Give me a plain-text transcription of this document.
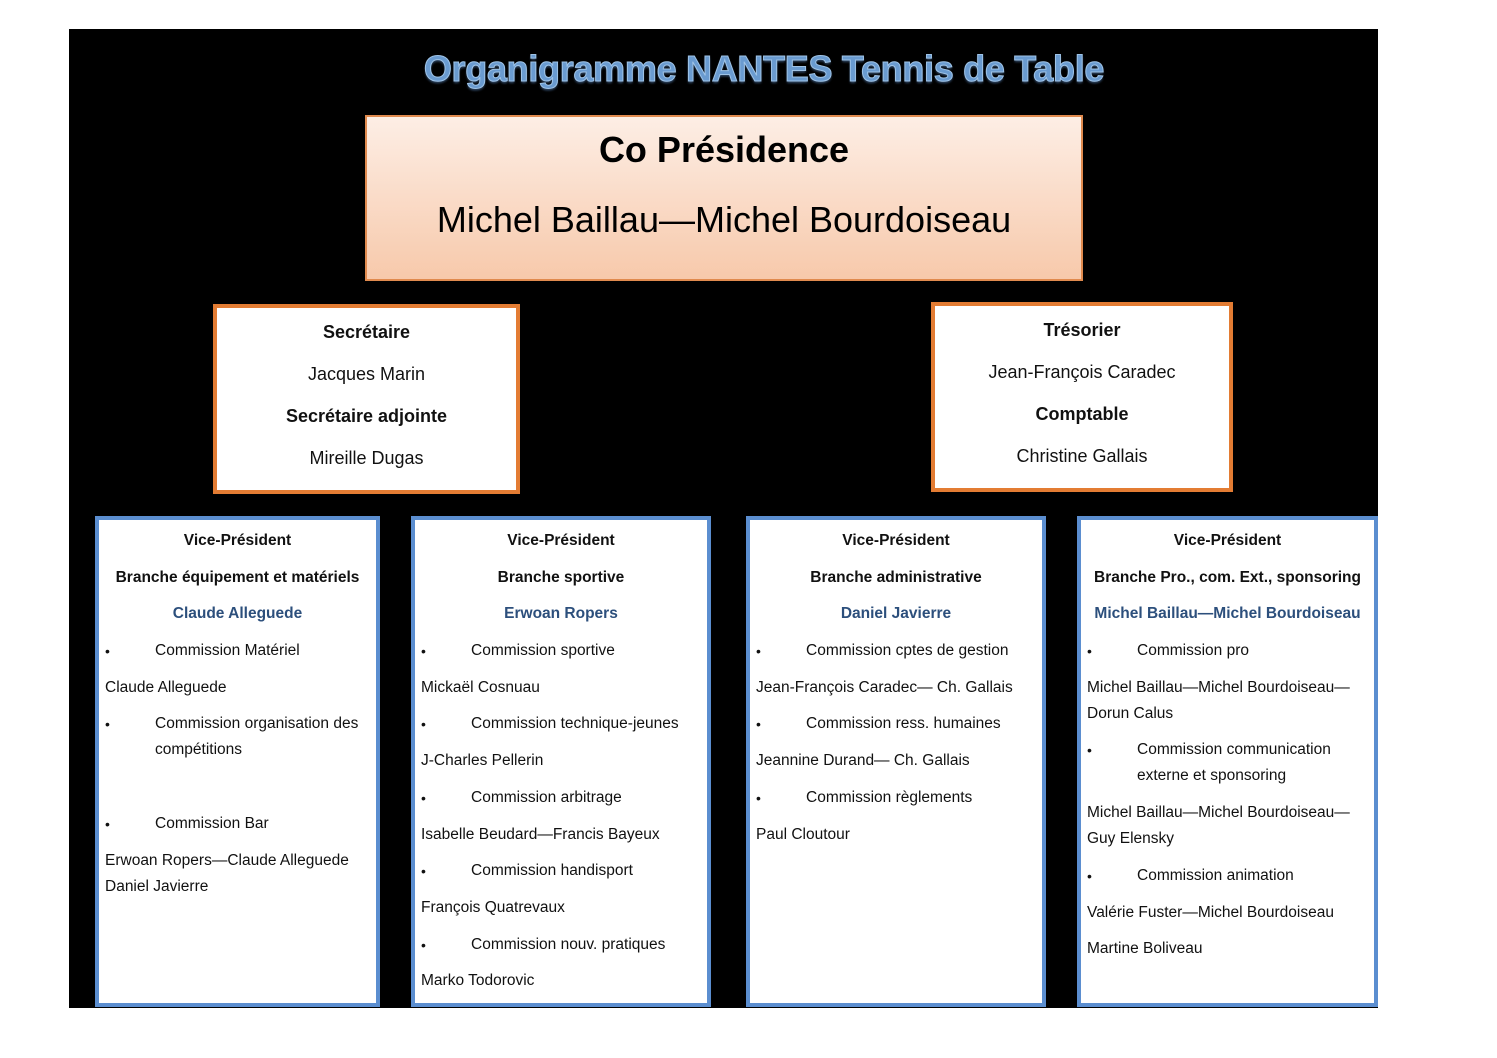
Organigramme NANTES Tennis de Table
Co Présidence
Michel Baillau—Michel Bourdoiseau
Secrétaire
Jacques Marin
Secrétaire adjointe
Mireille Dugas
Trésorier
Jean-François Caradec
Comptable
Christine Gallais
Vice-Président
Branche équipement et matériels
Claude Alleguede
•	Commission Matériel
Claude Alleguede
•	Commission organisation des compétitions
•	Commission Bar
Erwoan Ropers—Claude Alleguede Daniel Javierre
Vice-Président
Branche sportive
Erwoan Ropers
•	Commission sportive
Mickaël Cosnuau
•	Commission technique-jeunes
J-Charles Pellerin
•	Commission arbitrage
Isabelle Beudard—Francis Bayeux
•	Commission handisport
François Quatrevaux
•	Commission nouv. pratiques
Marko Todorovic
Vice-Président
Branche administrative
Daniel Javierre
•	Commission cptes de gestion
Jean-François Caradec— Ch. Gallais
•	Commission ress. humaines
Jeannine Durand— Ch. Gallais
•	Commission règlements
Paul Cloutour
Vice-Président
Branche Pro., com. Ext., sponsoring
Michel Baillau—Michel Bourdoiseau
•	Commission pro
Michel Baillau—Michel Bourdoiseau—Dorun Calus
•	Commission communication externe et sponsoring
Michel Baillau—Michel Bourdoiseau—Guy Elensky
•	Commission animation
Valérie Fuster—Michel Bourdoiseau
Martine Boliveau
